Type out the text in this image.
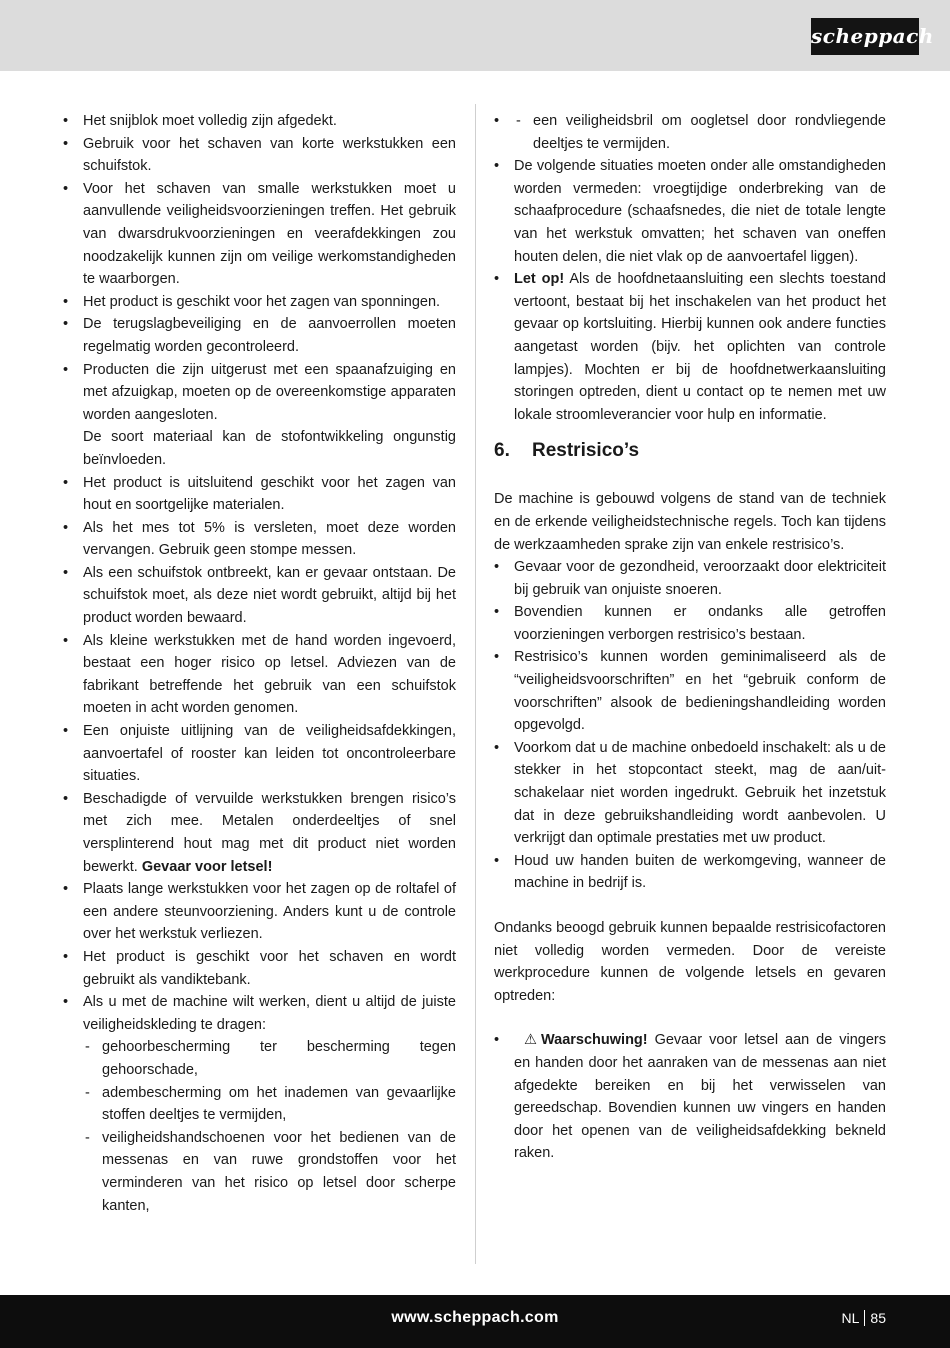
scheppach
• Het snijblok moet volledig zijn afgedekt.
• Gebruik voor het schaven van korte werkstukken een schuifstok.
• Voor het schaven van smalle werkstukken moet u aanvullende veiligheidsvoorzieningen treffen. Het gebruik van dwarsdrukvoorzieningen en veerafdekkingen zou noodzakelijk kunnen zijn om veilige werkomstandigheden te waarborgen.
• Het product is geschikt voor het zagen van sponningen.
• De terugslagbeveiliging en de aanvoerrollen moeten regelmatig worden gecontroleerd.
• Producten die zijn uitgerust met een spaanafzuiging en met afzuigkap, moeten op de overeenkomstige apparaten worden aangesloten.
De soort materiaal kan de stofontwikkeling ongunstig beïnvloeden.
• Het product is uitsluitend geschikt voor het zagen van hout en soortgelijke materialen.
• Als het mes tot 5% is versleten, moet deze worden vervangen. Gebruik geen stompe messen.
• Als een schuifstok ontbreekt, kan er gevaar ontstaan. De schuifstok moet, als deze niet wordt gebruikt, altijd bij het product worden bewaard.
• Als kleine werkstukken met de hand worden ingevoerd, bestaat een hoger risico op letsel. Adviezen van de fabrikant betreffende het gebruik van een schuifstok moeten in acht worden genomen.
• Een onjuiste uitlijning van de veiligheidsafdekkingen, aanvoertafel of rooster kan leiden tot oncontroleerbare situaties.
• Beschadigde of vervuilde werkstukken brengen risico’s met zich mee. Metalen onderdeeltjes of snel versplinterend hout mag met dit product niet worden bewerkt. Gevaar voor letsel!
• Plaats lange werkstukken voor het zagen op de roltafel of een andere steunvoorziening. Anders kunt u de controle over het werkstuk verliezen.
• Het product is geschikt voor het schaven en wordt gebruikt als vandiktebank.
• Als u met de machine wilt werken, dient u altijd de juiste veiligheidskleding te dragen:
- gehoorbescherming ter bescherming tegen gehoorschade,
- adembescherming om het inademen van gevaarlijke stoffen deeltjes te vermijden,
- veiligheidshandschoenen voor het bedienen van de messenas en van ruwe grondstoffen voor het verminderen van het risico op letsel door scherpe kanten,
- • een veiligheidsbril om oogletsel door rondvliegende deeltjes te vermijden.
• De volgende situaties moeten onder alle omstandigheden worden vermeden: vroegtijdige onderbreking van de schaafprocedure (schaafsnedes, die niet de totale lengte van het werkstuk omvatten; het schaven van oneffen houten delen, die niet vlak op de aanvoertafel liggen).
• Let op! Als de hoofdnetaansluiting een slechts toestand vertoont, bestaat bij het inschakelen van het product het gevaar op kortsluiting. Hierbij kunnen ook andere functies aangetast worden (bijv. het oplichten van controle lampjes). Mochten er bij de hoofdnetwerkaansluiting storingen optreden, dient u contact op te nemen met uw lokale stroomleverancier voor hulp en informatie.
6. Restrisico’s

De machine is gebouwd volgens de stand van de techniek en de erkende veiligheidstechnische regels. Toch kan tijdens de werkzaamheden sprake zijn van enkele restrisico’s.

• Gevaar voor de gezondheid, veroorzaakt door elektriciteit bij gebruik van onjuiste snoeren.
• Bovendien kunnen er ondanks alle getroffen voorzieningen verborgen restrisico’s bestaan.
• Restrisico’s kunnen worden geminimaliseerd als de “veiligheidsvoorschriften” en het “gebruik conform de voorschriften” alsook de bedieningshandleiding worden opgevolgd.
• Voorkom dat u de machine onbedoeld inschakelt: als u de stekker in het stopcontact steekt, mag de aan/uit-schakelaar niet worden ingedrukt. Gebruik het inzetstuk dat in deze gebruikshandleiding wordt aanbevolen. U verkrijgt dan optimale prestaties met uw product.
• Houd uw handen buiten de werkomgeving, wanneer de machine in bedrijf is.

Ondanks beoogd gebruik kunnen bepaalde restrisicofactoren niet volledig worden vermeden. Door de vereiste werkprocedure kunnen de volgende letsels en gevaren optreden:

• ⚠ Waarschuwing! Gevaar voor letsel aan de vingers en handen door het aanraken van de messenas aan niet afgedekte bereiken en bij het verwisselen van gereedschap. Bovendien kunnen uw vingers en handen door het openen van de veiligheidsafdekking bekneld raken.
www.scheppach.com	NL 85
